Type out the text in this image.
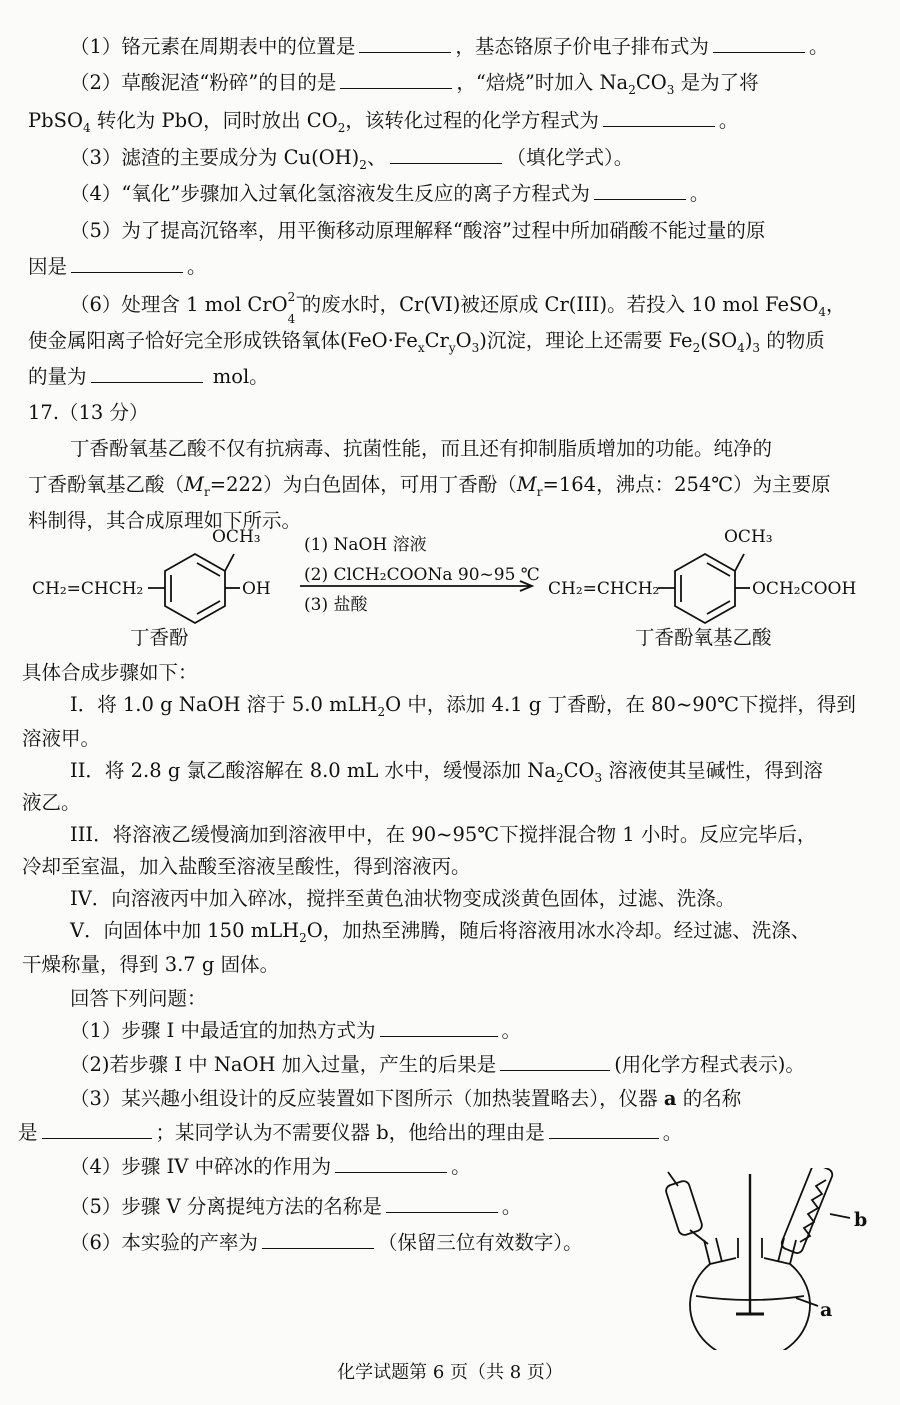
（1）铬元素在周期表中的位置是	，基态铬原子价电子排布式为	。
（2）草酸泥渣“粉碎”的目的是	，“焙烧”时加入 $Na_2CO_3$ 是为了将
PbSO$_4$ 转化为 PbO，同时放出 $CO_2$，该转化过程的化学方程式为	。
（3）滤渣的主要成分为 $Cu(OH)_2$、	（填化学式）。
（4）“氧化”步骤加入过氧化氢溶液发生反应的离子方程式为	。
（5）为了提高沉铬率，用平衡移动原理解释“酸溶”过程中所加硝酸不能过量的原
因是	。
（6）处理含 1 mol CrO 2−
4
的废水时，Cr(VI)被还原成 Cr(III)。若投入 10 mol FeSO$_4$，
使金属阳离子恰好完全形成铁铬氧体$(FeO\cdot Fe_xCr_yO_3)$沉淀，理论上还需要 $Fe_2(SO_4)_3$ 的物质
的量为	mol。
17.（13 分）
丁香酚氧基乙酸不仅有抗病毒、抗菌性能，而且还有抑制脂质增加的功能。纯净的
丁香酚氧基乙酸$(M_r=222)$为白色固体，可用丁香酚（$M_r=164$，沸点：254℃）为主要原
料制得，其合成原理如下所示。
CH₂=CHCH₂
OCH₃
OH
(1) NaOH 溶液
(2) ClCH₂COONa 90~95 ℃
(3) 盐酸
CH₂=CHCH₂
OCH₃
OCH₂COOH
丁香酚	丁香酚氧基乙酸
具体合成步骤如下：
I．将 1.0 g NaOH 溶于 5.0 mLH$_2$O 中，添加 4.1 g 丁香酚，在 80~90℃下搅拌，得到
溶液甲。
II．将 2.8 g 氯乙酸溶解在 8.0 mL 水中，缓慢添加 $Na_2CO_3$ 溶液使其呈碱性，得到溶
液乙。
III．将溶液乙缓慢滴加到溶液甲中，在 90~95℃下搅拌混合物 1 小时。反应完毕后，
冷却至室温，加入盐酸至溶液呈酸性，得到溶液丙。
IV．向溶液丙中加入碎冰，搅拌至黄色油状物变成淡黄色固体，过滤、洗涤。
V．向固体中加 150 mLH$_2$O，加热至沸腾，随后将溶液用冰水冷却。经过滤、洗涤、
干燥称量，得到 3.7 g 固体。
回答下列问题：
（1）步骤 I 中最适宜的加热方式为	。
（2)若步骤 I 中 NaOH 加入过量，产生的后果是	(用化学方程式表示)。
（3）某兴趣小组设计的反应装置如下图所示（加热装置略去），仪器 a 的名称
是	；某同学认为不需要仪器 b，他给出的理由是	。
（4）步骤 IV 中碎冰的作用为	。
（5）步骤 V 分离提纯方法的名称是	。
（6）本实验的产率为	（保留三位有效数字）。
b
a
化学试题第 6 页（共 8 页）
